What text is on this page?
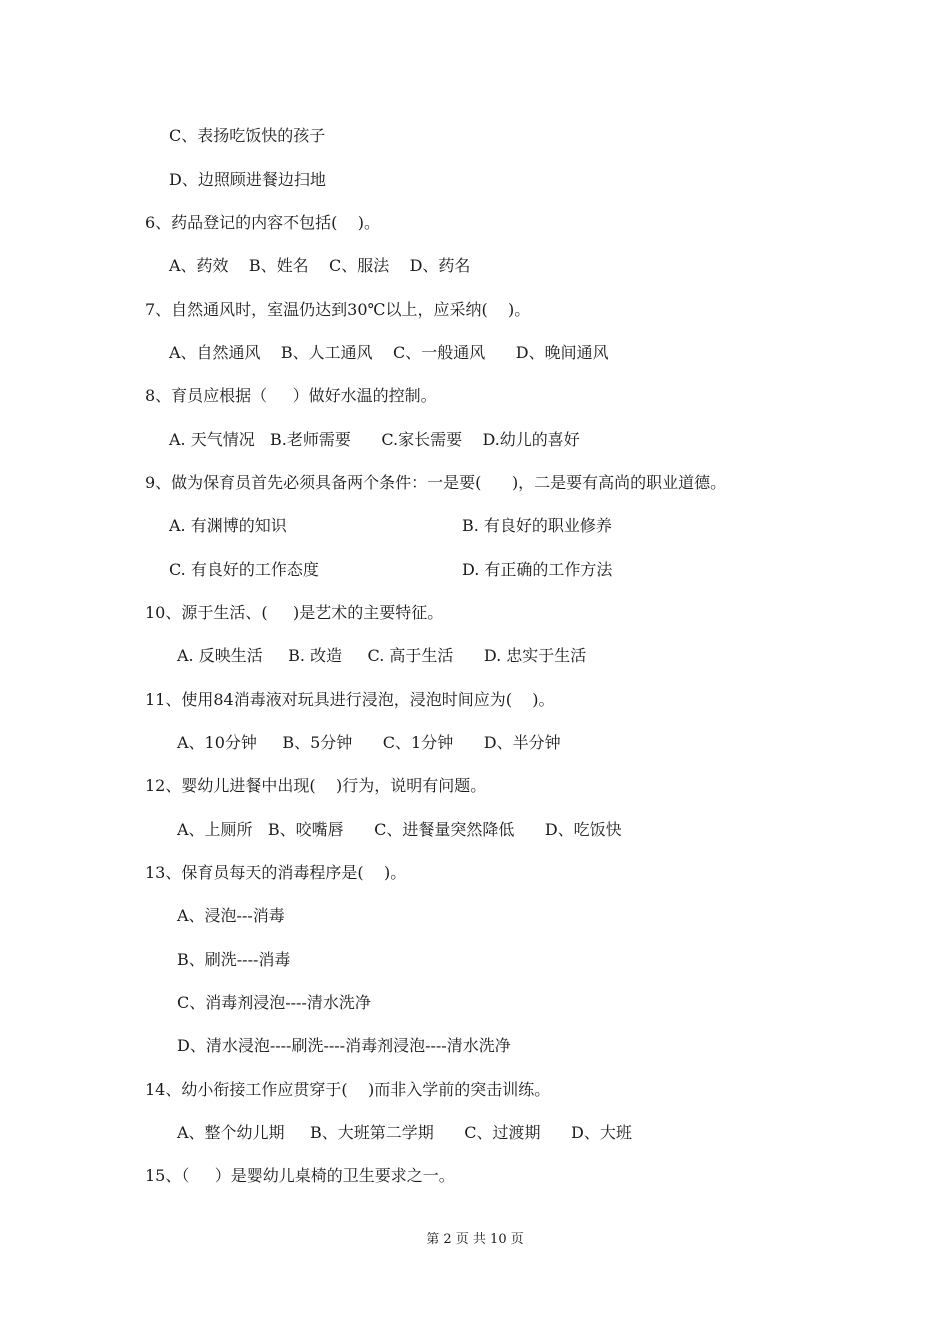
C、表扬吃饭快的孩子
D、边照顾进餐边扫地
6、药品登记的内容不包括(    )。
A、药效    B、姓名    C、服法    D、药名
7、自然通风时，室温仍达到30℃以上，应采纳(    )。
A、自然通风    B、人工通风    C、一般通风      D、晚间通风
8、育员应根据（     ）做好水温的控制。
A. 天气情况   B.老师需要      C.家长需要    D.幼儿的喜好
9、做为保育员首先必须具备两个条件：一是要(      )，二是要有高尚的职业道德。
A. 有渊博的知识	B. 有良好的职业修养
C. 有良好的工作态度	D. 有正确的工作方法
10、源于生活、(     )是艺术的主要特征。
A. 反映生活     B. 改造     C. 高于生活      D. 忠实于生活
11、使用84消毒液对玩具进行浸泡，浸泡时间应为(    )。
A、10分钟     B、5分钟      C、1分钟      D、半分钟
12、婴幼儿进餐中出现(    )行为，说明有问题。
A、上厕所   B、咬嘴唇      C、进餐量突然降低      D、吃饭快
13、保育员每天的消毒程序是(    )。
A、浸泡---消毒
B、刷洗----消毒
C、消毒剂浸泡----清水洗净
D、清水浸泡----刷洗----消毒剂浸泡----清水洗净
14、幼小衔接工作应贯穿于(    )而非入学前的突击训练。
A、整个幼儿期     B、大班第二学期      C、过渡期      D、大班
15、（     ）是婴幼儿桌椅的卫生要求之一。
第 2 页 共 10 页
